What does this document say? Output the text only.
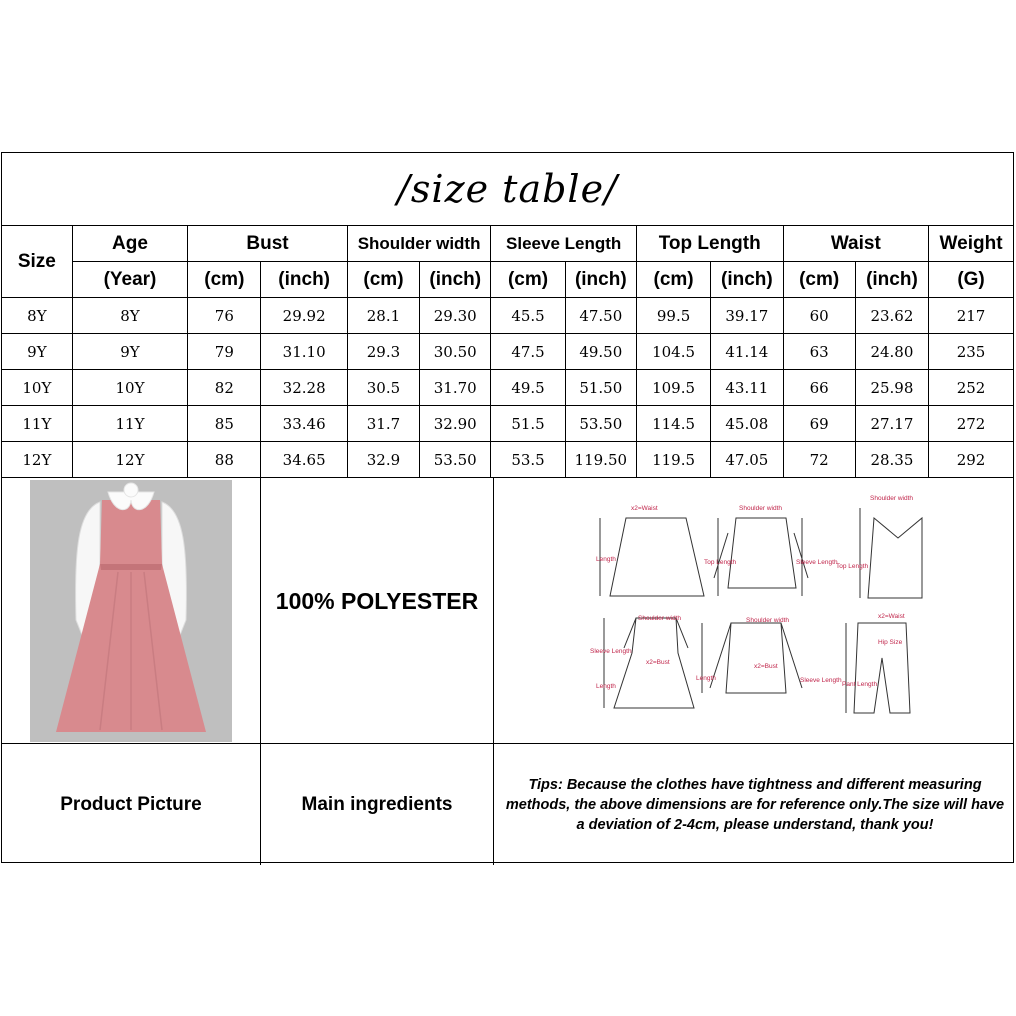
/size table/
Size	Age	Bust		Shoulder width		Sleeve Length		Top Length		Waist		Weight
	(Year)	(cm)	(inch)	(cm)	(inch)	(cm)	(inch)	(cm)	(inch)	(cm)	(inch)	(G)
8Y	8Y	76	29.92	28.1	29.30	45.5	47.50	99.5	39.17	60	23.62	217
9Y	9Y	79	31.10	29.3	30.50	47.5	49.50	104.5	41.14	63	24.80	235
10Y	10Y	82	32.28	30.5	31.70	49.5	51.50	109.5	43.11	66	25.98	252
11Y	11Y	85	33.46	31.7	32.90	51.5	53.50	114.5	45.08	69	27.17	272
12Y	12Y	88	34.65	32.9	53.50	53.5	119.50	119.5	47.05	72	28.35	292
100% POLYESTER
x2=Waist
Length
Shoulder width
Top Length	Sleeve Length
Shoulder width
Top Length
Shoulder width
Sleeve Length
x2=Bust
Length
Shoulder width
x2=Bust
Length	Sleeve Length
x2=Waist
Hip Size
Pant Length
Product Picture	Main ingredients
Tips: Because the clothes have tightness and different measuring methods, the above dimensions are for reference only.The size will have a deviation of 2-4cm, please understand, thank you!
